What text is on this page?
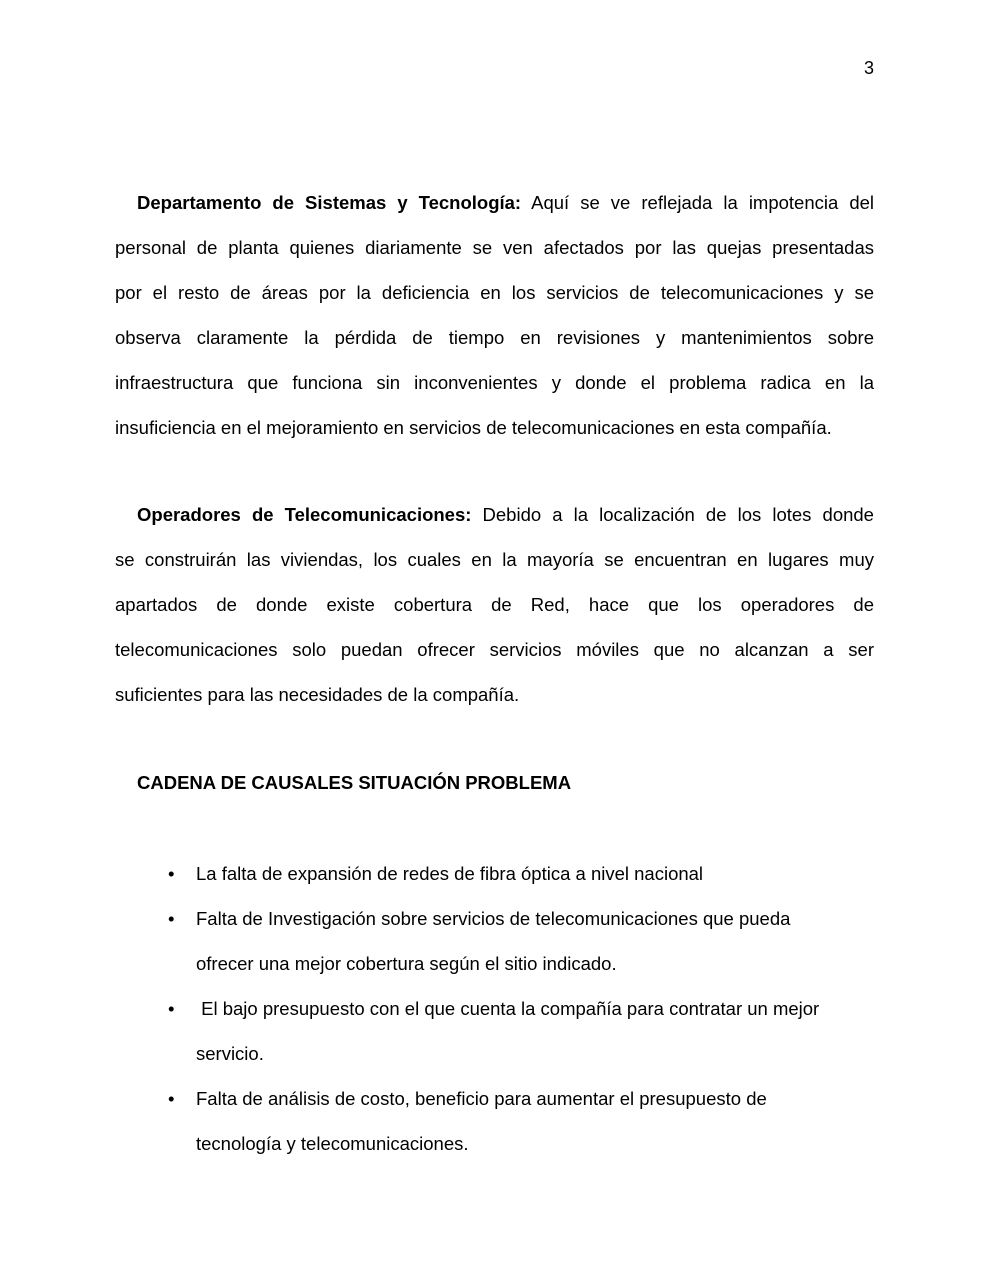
3
Departamento de Sistemas y Tecnología: Aquí se ve reflejada la impotencia del
personal de planta quienes diariamente se ven afectados por las quejas presentadas
por el resto de áreas por la deficiencia en los servicios de telecomunicaciones y se
observa claramente la pérdida de tiempo en revisiones y mantenimientos sobre
infraestructura que funciona sin inconvenientes y donde el problema radica en la
insuficiencia en el mejoramiento en servicios de telecomunicaciones en esta compañía.
Operadores de Telecomunicaciones: Debido a la localización de los lotes donde
se construirán las viviendas, los cuales en la mayoría se encuentran en lugares muy
apartados de donde existe cobertura de Red, hace que los operadores de
telecomunicaciones solo puedan ofrecer servicios móviles que no alcanzan a ser
suficientes para las necesidades de la compañía.
CADENA DE CAUSALES SITUACIÓN PROBLEMA
• La falta de expansión de redes de fibra óptica a nivel nacional
• Falta de Investigación sobre servicios de telecomunicaciones que pueda
ofrecer una mejor cobertura según el sitio indicado.
• El bajo presupuesto con el que cuenta la compañía para contratar un mejor
servicio.
• Falta de análisis de costo, beneficio para aumentar el presupuesto de
tecnología y telecomunicaciones.
